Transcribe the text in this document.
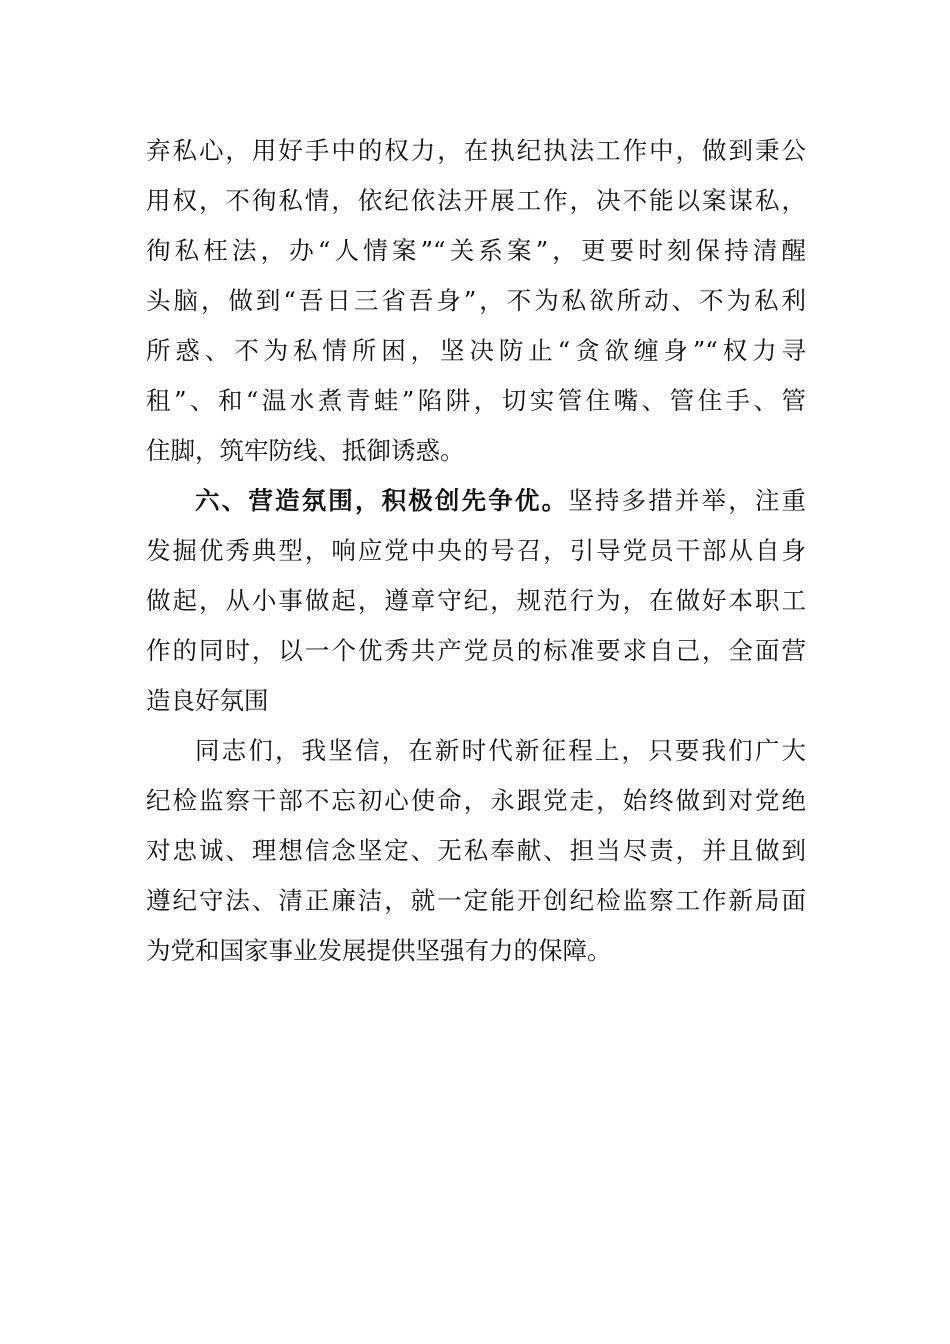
弃私心，用好手中的权力，在执纪执法工作中，做到秉公
用权，不徇私情，依纪依法开展工作，决不能以案谋私，
徇私枉法，办“人情案”“关系案”，更要时刻保持清醒
头脑，做到“吾日三省吾身”，不为私欲所动、不为私利
所惑、不为私情所困，坚决防止“贪欲缠身”“权力寻
租”、和“温水煮青蛙”陷阱，切实管住嘴、管住手、管
住脚，筑牢防线、抵御诱惑。
六、营造氛围，积极创先争优。坚持多措并举，注重
发掘优秀典型，响应党中央的号召，引导党员干部从自身
做起，从小事做起，遵章守纪，规范行为，在做好本职工
作的同时，以一个优秀共产党员的标准要求自己，全面营
造良好氛围
同志们，我坚信，在新时代新征程上，只要我们广大
纪检监察干部不忘初心使命，永跟党走，始终做到对党绝
对忠诚、理想信念坚定、无私奉献、担当尽责，并且做到
遵纪守法、清正廉洁，就一定能开创纪检监察工作新局面
为党和国家事业发展提供坚强有力的保障。
